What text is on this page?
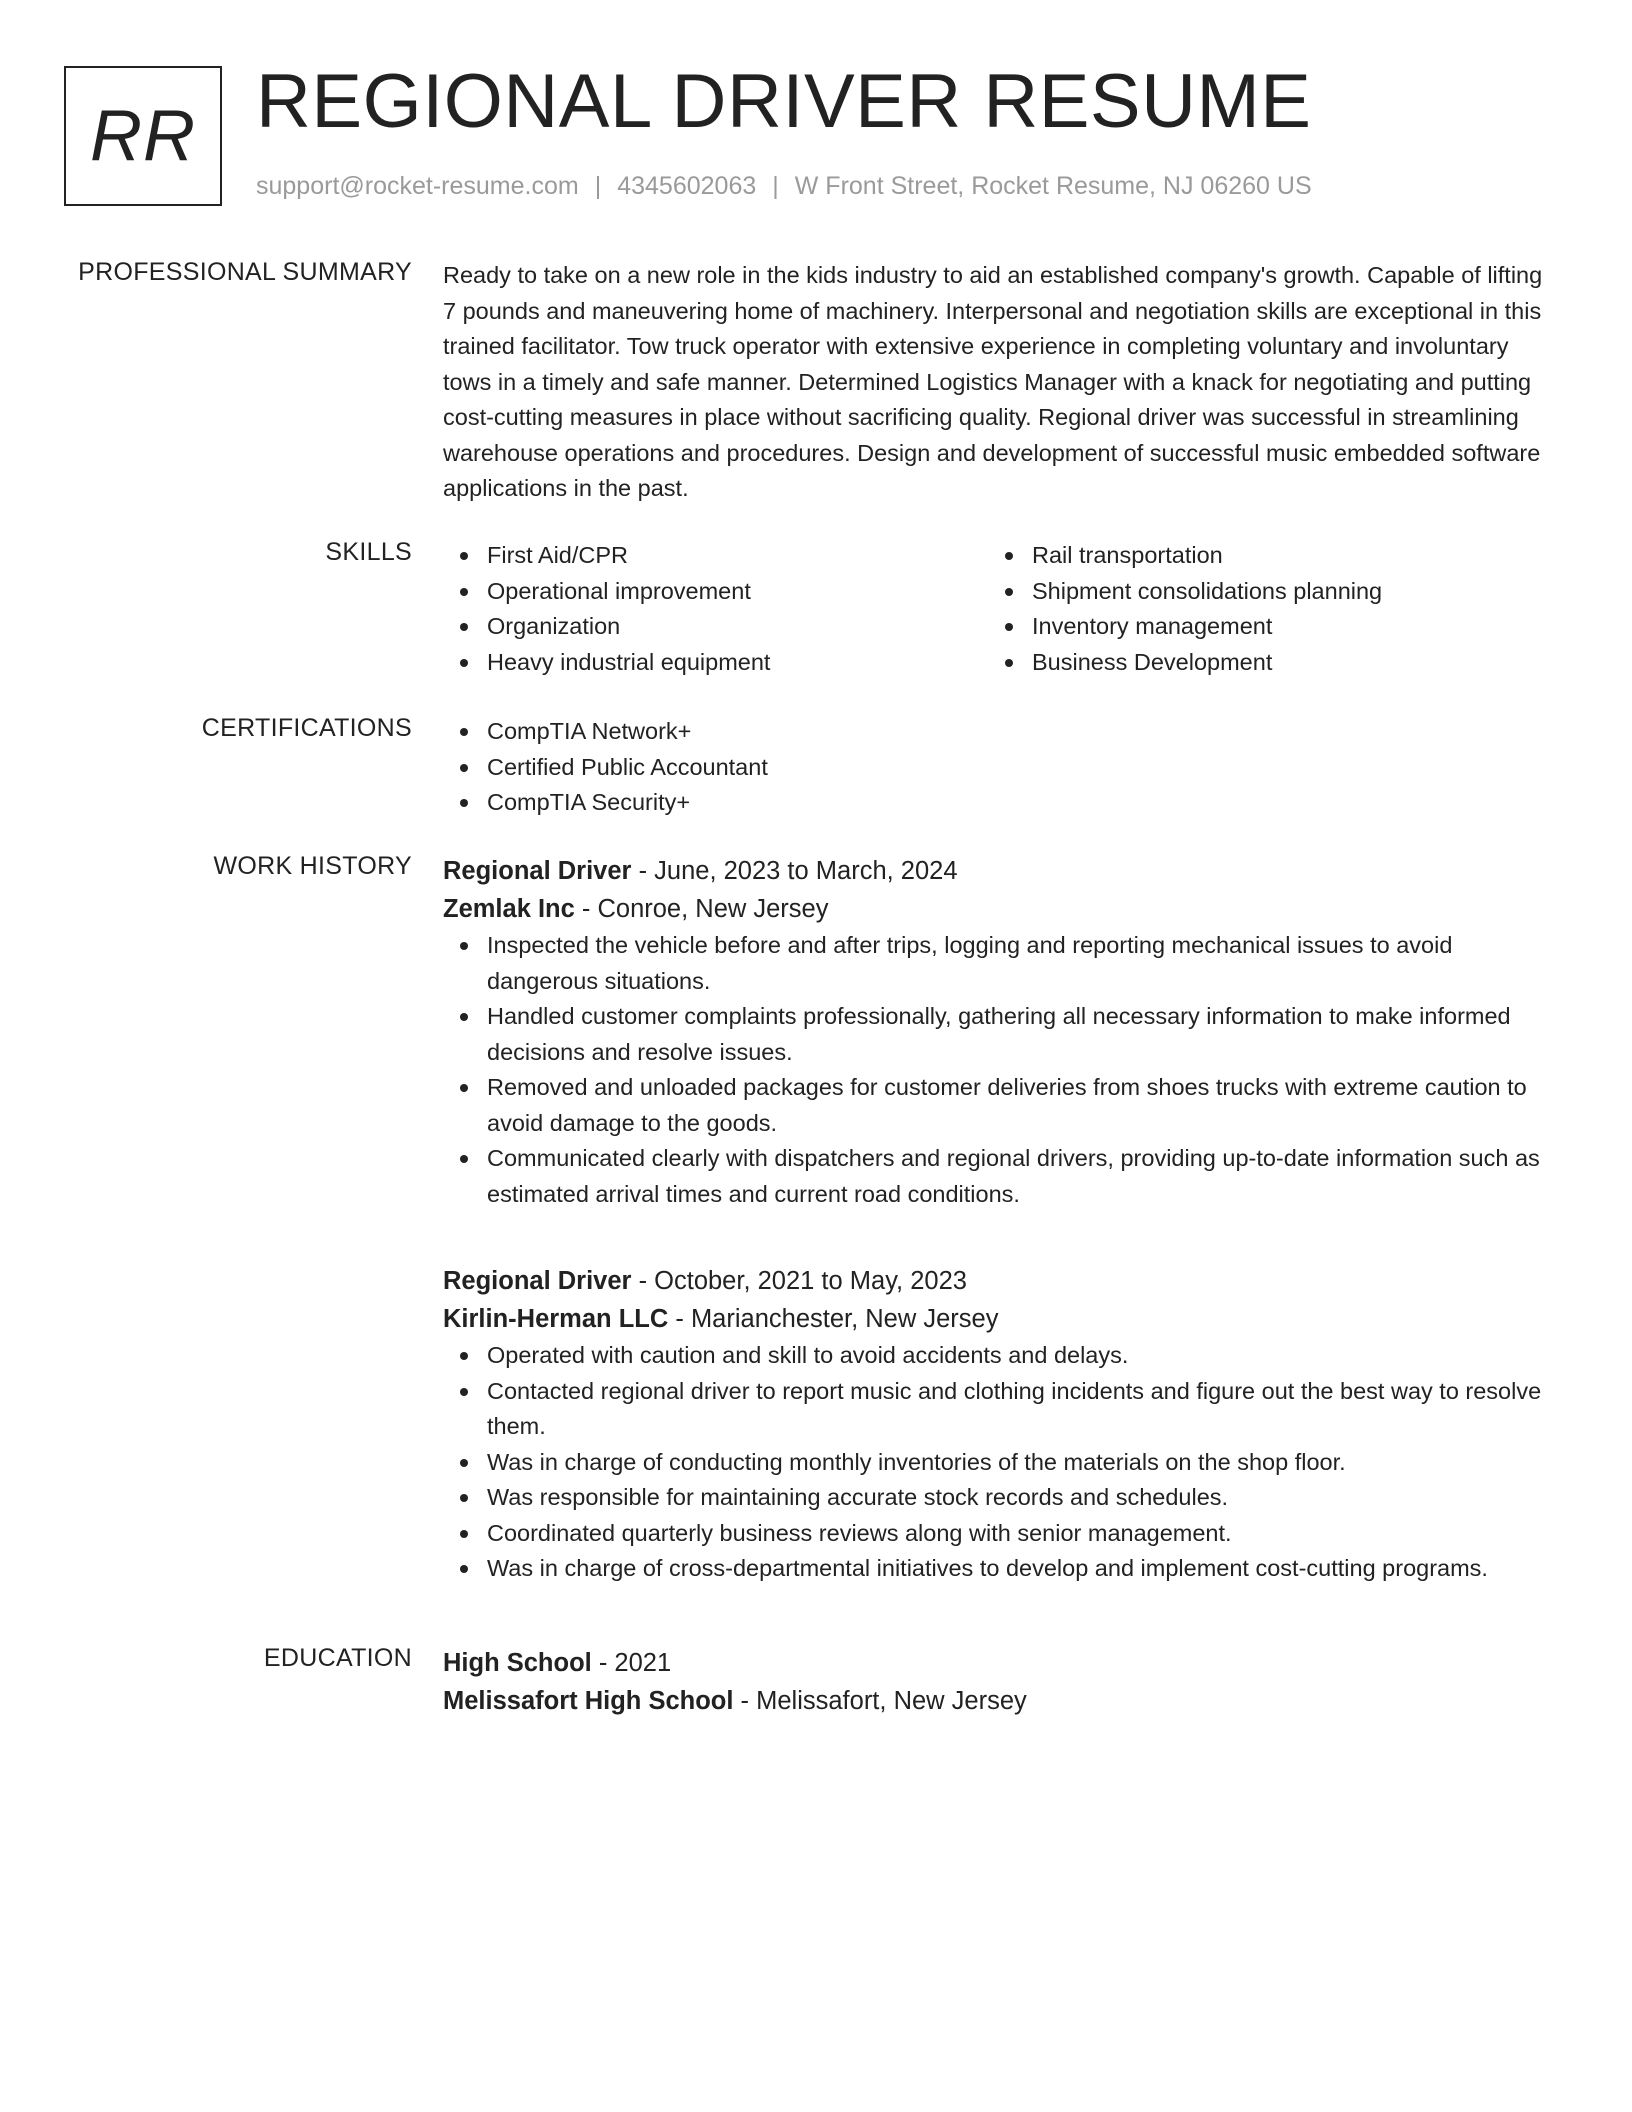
RR REGIONAL DRIVER RESUME
support@rocket-resume.com | 4345602063 | W Front Street, Rocket Resume, NJ 06260 US
PROFESSIONAL SUMMARY Ready to take on a new role in the kids industry to aid an established company's growth. Capable of lifting 7 pounds and maneuvering home of machinery. Interpersonal and negotiation skills are exceptional in this trained facilitator. Tow truck operator with extensive experience in completing voluntary and involuntary tows in a timely and safe manner. Determined Logistics Manager with a knack for negotiating and putting cost-cutting measures in place without sacrificing quality. Regional driver was successful in streamlining warehouse operations and procedures. Design and development of successful music embedded software applications in the past.

SKILLS	First Aid/CPR
Operational improvement
Organization
Heavy industrial equipment
Rail transportation
Shipment consolidations planning
Inventory management
Business Development
CERTIFICATIONS	CompTIA Network+
Certified Public Accountant
CompTIA Security+
WORK HISTORY Regional Driver - June, 2023 to March, 2024
Zemlak Inc - Conroe, New Jersey
Inspected the vehicle before and after trips, logging and reporting mechanical issues to avoid dangerous situations.
Handled customer complaints professionally, gathering all necessary information to make informed decisions and resolve issues.
Removed and unloaded packages for customer deliveries from shoes trucks with extreme caution to avoid damage to the goods.
Communicated clearly with dispatchers and regional drivers, providing up-to-date information such as estimated arrival times and current road conditions.
Regional Driver - October, 2021 to May, 2023
Kirlin-Herman LLC - Marianchester, New Jersey
Operated with caution and skill to avoid accidents and delays.
Contacted regional driver to report music and clothing incidents and figure out the best way to resolve them.
Was in charge of conducting monthly inventories of the materials on the shop floor.
Was responsible for maintaining accurate stock records and schedules.
Coordinated quarterly business reviews along with senior management.
Was in charge of cross-departmental initiatives to develop and implement cost-cutting programs.
EDUCATION High School - 2021
Melissafort High School - Melissafort, New Jersey
